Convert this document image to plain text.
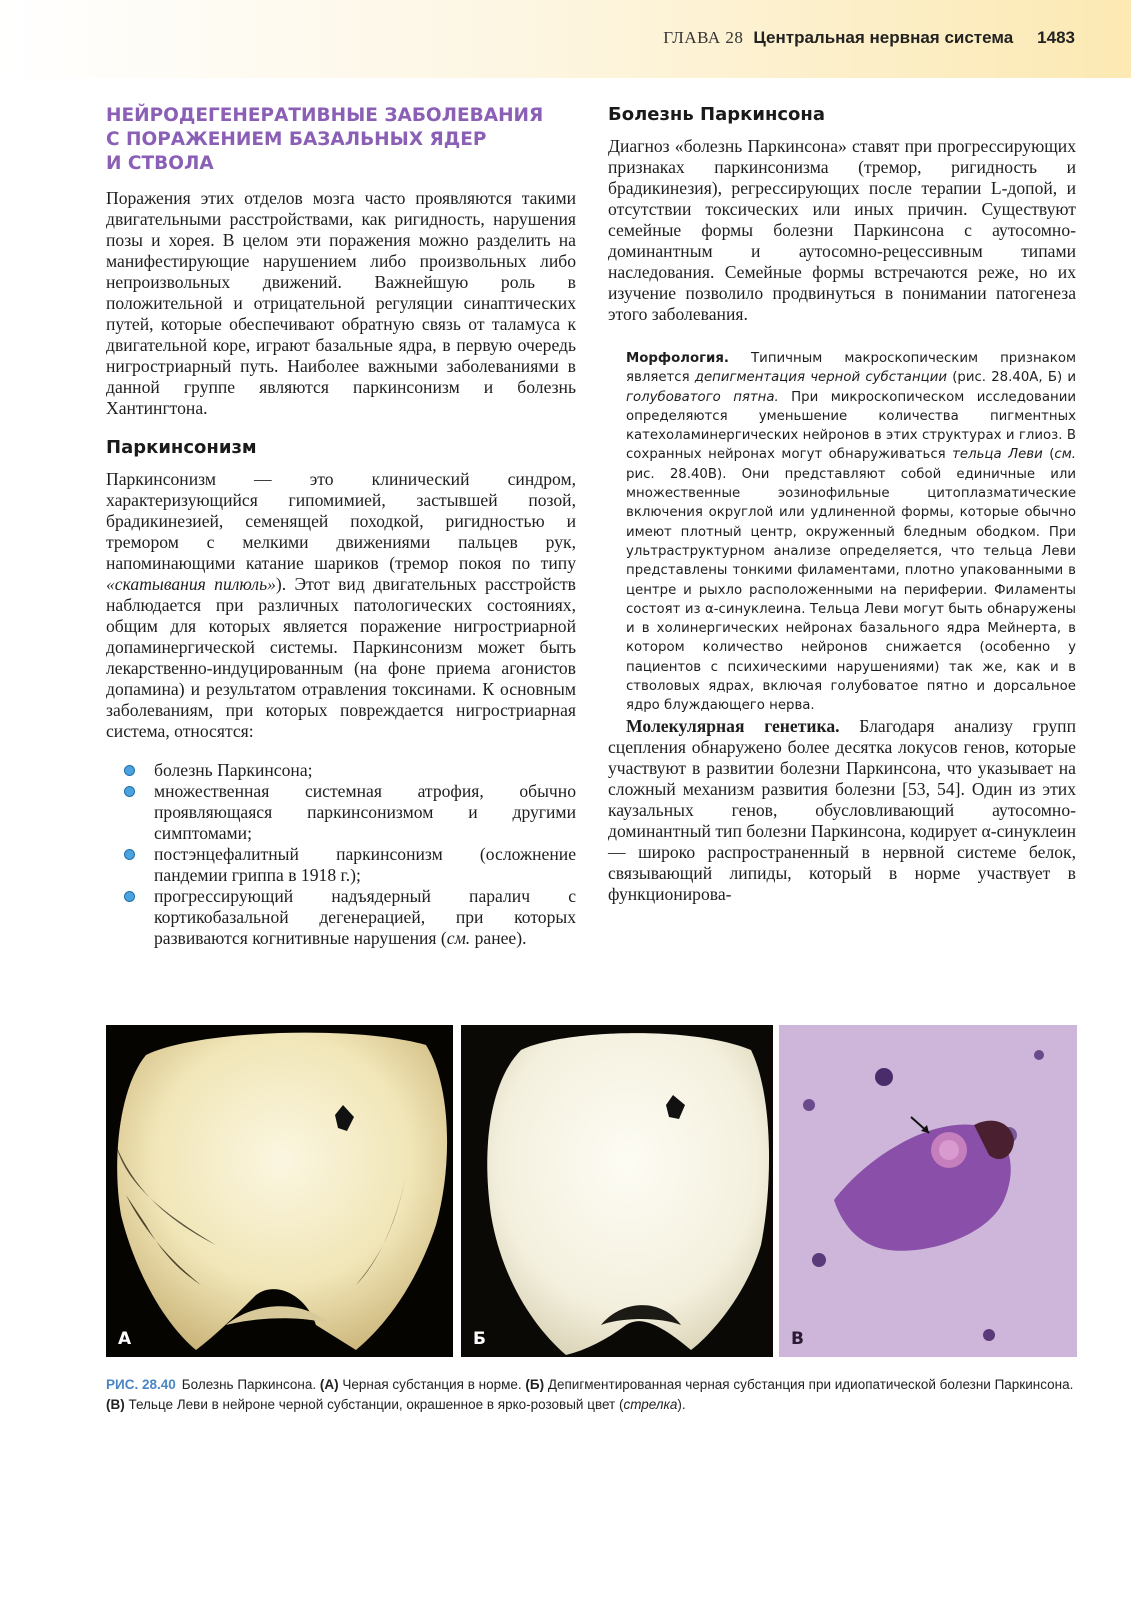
ГЛАВА 28 Центральная нервная система 1483
НЕЙРОДЕГЕНЕРАТИВНЫЕ ЗАБОЛЕВАНИЯ
С ПОРАЖЕНИЕМ БАЗАЛЬНЫХ ЯДЕР
И СТВОЛА

Поражения этих отделов мозга часто проявляются такими двигательными расстройствами, как ригидность, нарушения позы и хорея. В целом эти поражения можно разделить на манифестирующие нарушением либо произвольных либо непроизвольных движений. Важнейшую роль в положительной и отрицательной регуляции синаптических путей, которые обеспечивают обратную связь от таламуса к двигательной коре, играют базальные ядра, в первую очередь нигростриарный путь. Наиболее важными заболеваниями в данной группе являются паркинсонизм и болезнь Хантингтона.

Паркинсонизм

Паркинсонизм — это клинический синдром, характеризующийся гипомимией, застывшей позой, брадикинезией, семенящей походкой, ригидностью и тремором с мелкими движениями пальцев рук, напоминающими катание шариков (тремор покоя по типу «скатывания пилюль»). Этот вид двигательных расстройств наблюдается при различных патологических состояниях, общим для которых является поражение нигростриарной допаминергической системы. Паркинсонизм может быть лекарственно-индуцированным (на фоне приема агонистов допамина) и результатом отравления токсинами. К основным заболеваниям, при которых повреждается нигростриарная система, относятся:

болезнь Паркинсона;
множественная системная атрофия, обычно проявляющаяся паркинсонизмом и другими симптомами;
постэнцефалитный паркинсонизм (осложнение пандемии гриппа в 1918 г.);
прогрессирующий надъядерный паралич с кортикобазальной дегенерацией, при которых развиваются когнитивные нарушения (см. ранее).
Болезнь Паркинсона

Диагноз «болезнь Паркинсона» ставят при прогрессирующих признаках паркинсонизма (тремор, ригидность и брадикинезия), регрессирующих после терапии L-допой, и отсутствии токсических или иных причин. Существуют семейные формы болезни Паркинсона с аутосомно-доминантным и аутосомно-рецессивным типами наследования. Семейные формы встречаются реже, но их изучение позволило продвинуться в понимании патогенеза этого заболевания.

Морфология. Типичным макроскопическим признаком является депигментация черной субстанции (рис. 28.40А, Б) и голубоватого пятна. При микроскопическом исследовании определяются уменьшение количества пигментных катехоламинергических нейронов в этих структурах и глиоз. В сохранных нейронах могут обнаруживаться тельца Леви (см. рис. 28.40В). Они представляют собой единичные или множественные эозинофильные цитоплазматические включения округлой или удлиненной формы, которые обычно имеют плотный центр, окруженный бледным ободком. При ультраструктурном анализе определяется, что тельца Леви представлены тонкими филаментами, плотно упакованными в центре и рыхло расположенными на периферии. Филаменты состоят из α-синуклеина. Тельца Леви могут быть обнаружены и в холинергических нейронах базального ядра Мейнерта, в котором количество нейронов снижается (особенно у пациентов с психическими нарушениями) так же, как и в стволовых ядрах, включая голубоватое пятно и дорсальное ядро блуждающего нерва.

Молекулярная генетика. Благодаря анализу групп сцепления обнаружено более десятка локусов генов, которые участвуют в развитии болезни Паркинсона, что указывает на сложный механизм развития болезни [53, 54]. Один из этих каузальных генов, обусловливающий аутосомно-доминантный тип болезни Паркинсона, кодирует α-синуклеин — широко распространенный в нервной системе белок, связывающий липиды, который в норме участвует в функционирова-

А	Б	В
РИС. 28.40 Болезнь Паркинсона. (А) Черная субстанция в норме. (Б) Депигментированная черная субстанция при идиопатической болезни Паркинсона. (В) Тельце Леви в нейроне черной субстанции, окрашенное в ярко-розовый цвет (стрелка).
